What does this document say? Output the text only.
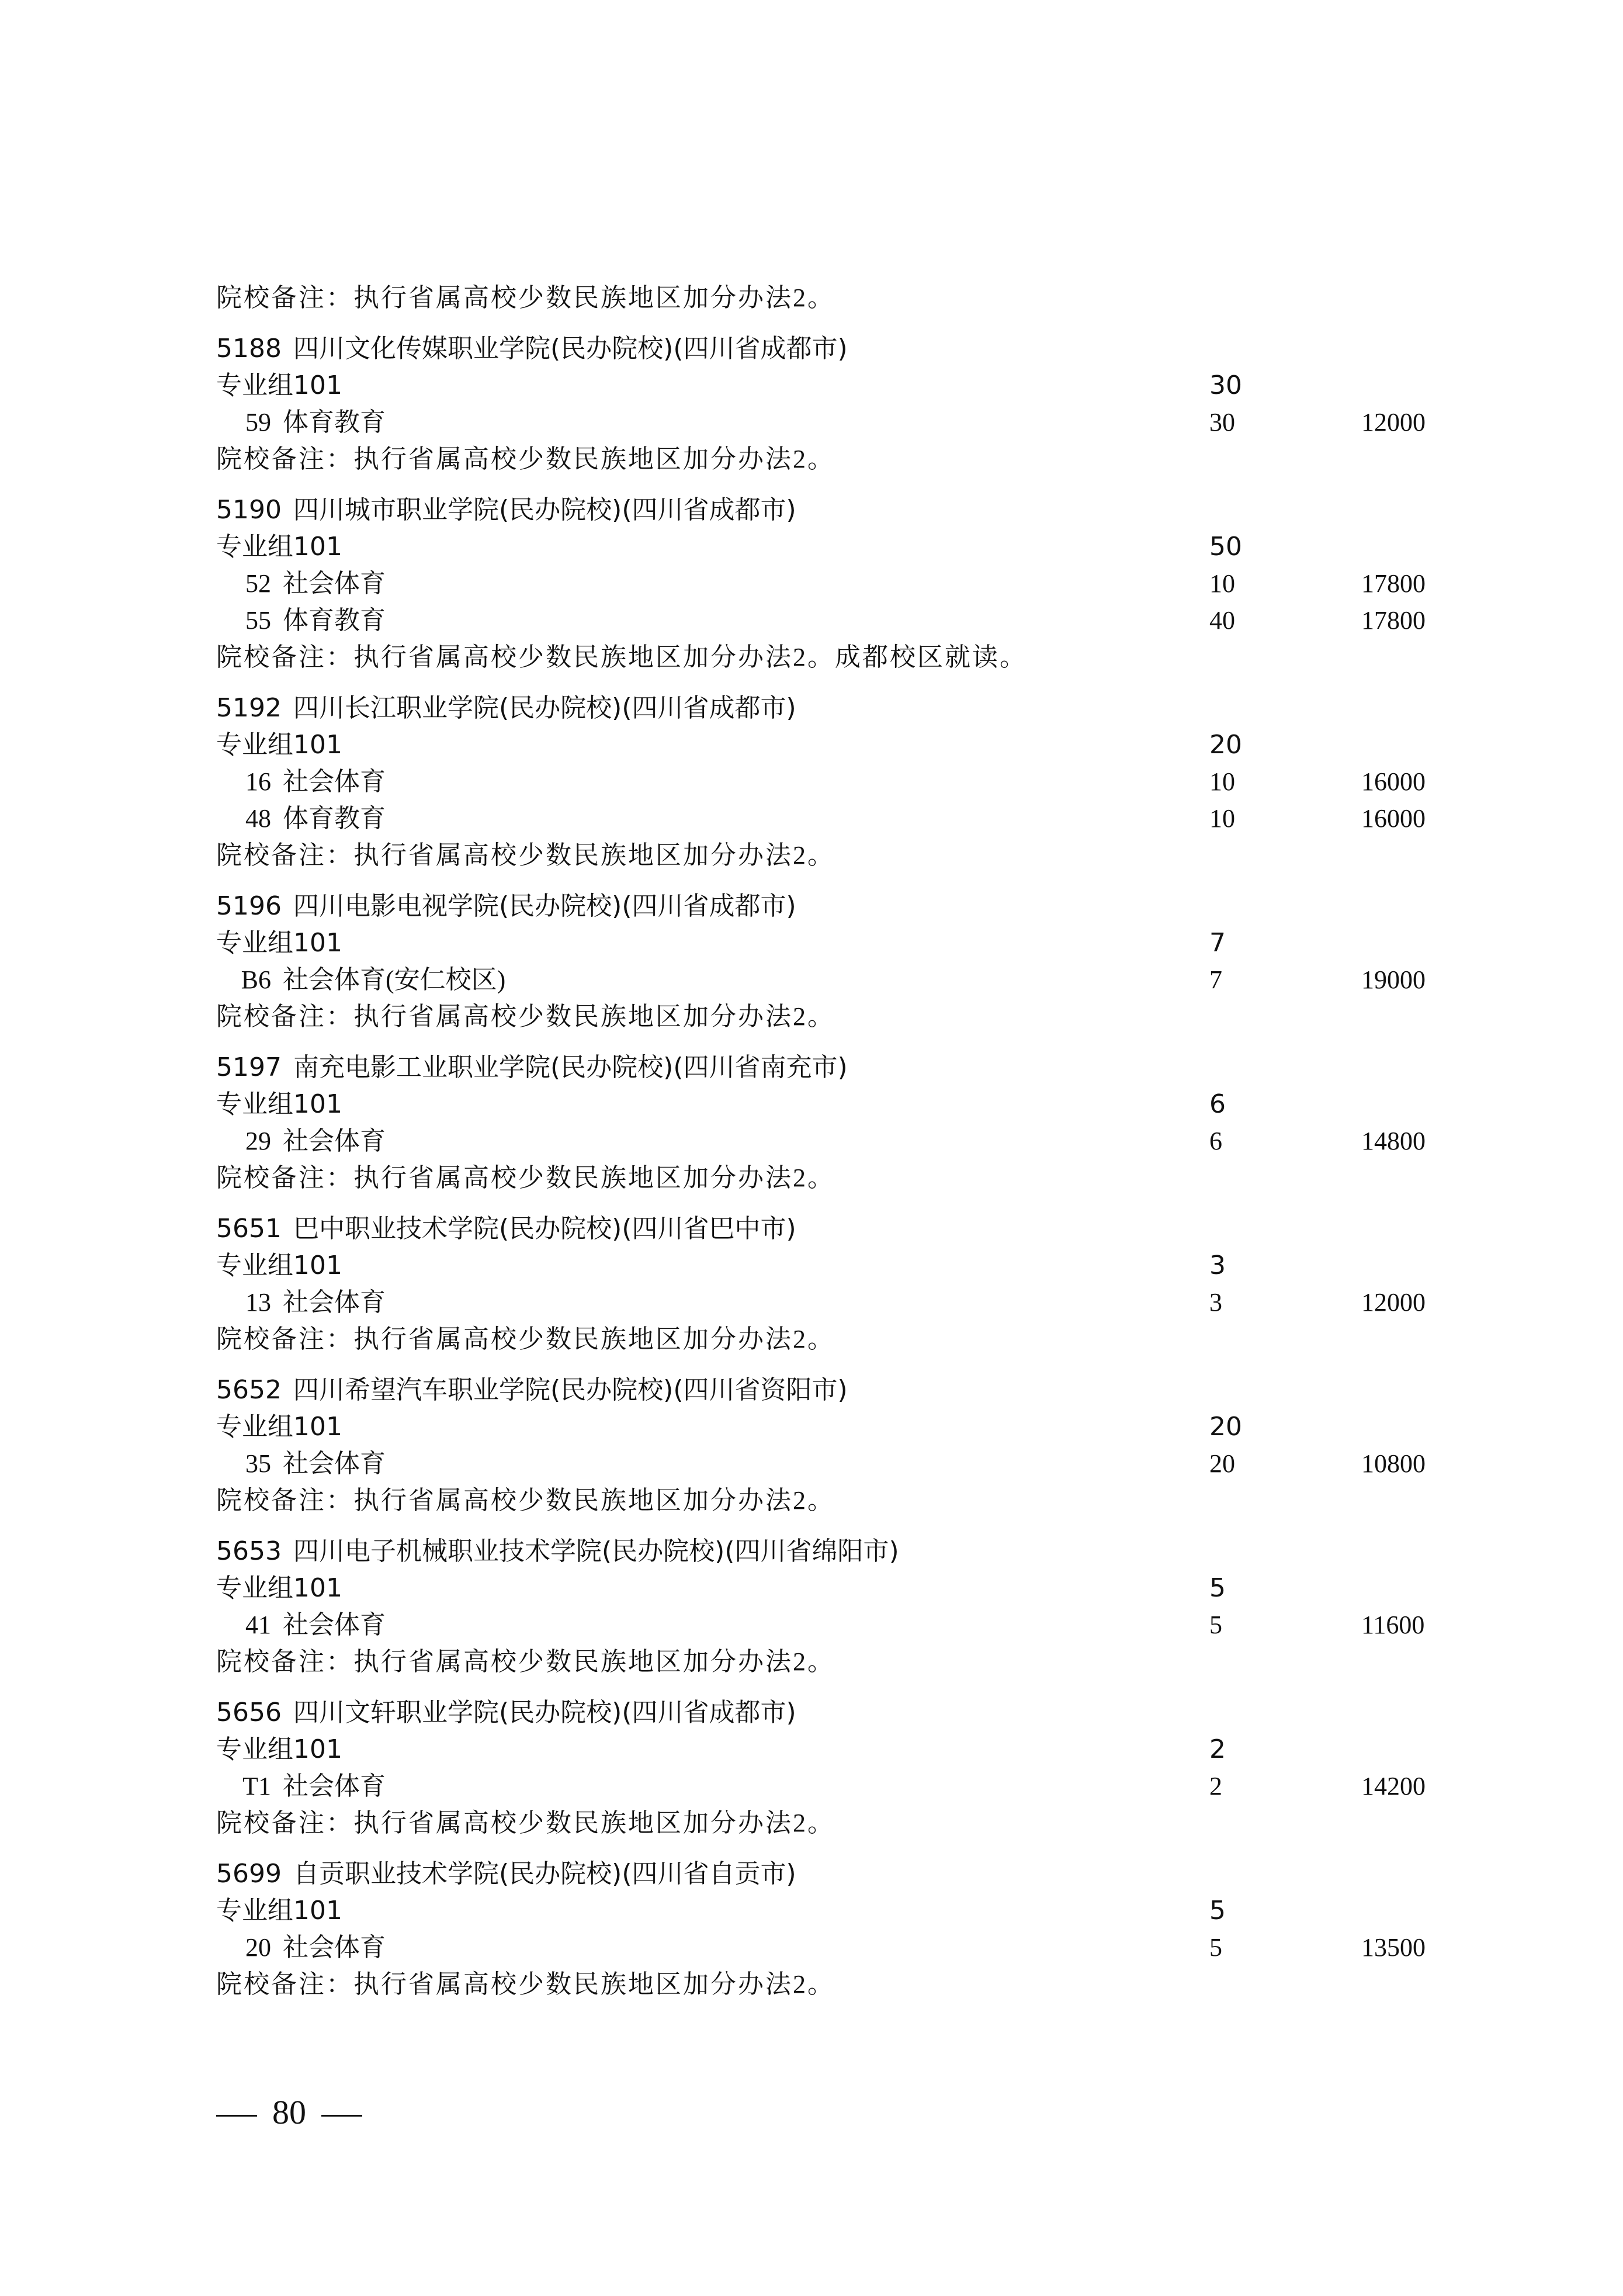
院校备注：执行省属高校少数民族地区加分办法2。
5188 四川文化传媒职业学院(民办院校)(四川省成都市)
专业组101	30
59 体育教育	30	12000
院校备注：执行省属高校少数民族地区加分办法2。
5190 四川城市职业学院(民办院校)(四川省成都市)
专业组101	50
52 社会体育	10	17800
55 体育教育	40	17800
院校备注：执行省属高校少数民族地区加分办法2。成都校区就读。
5192 四川长江职业学院(民办院校)(四川省成都市)
专业组101	20
16 社会体育	10	16000
48 体育教育	10	16000
院校备注：执行省属高校少数民族地区加分办法2。
5196 四川电影电视学院(民办院校)(四川省成都市)
专业组101	7
B6 社会体育(安仁校区)	7	19000
院校备注：执行省属高校少数民族地区加分办法2。
5197 南充电影工业职业学院(民办院校)(四川省南充市)
专业组101	6
29 社会体育	6	14800
院校备注：执行省属高校少数民族地区加分办法2。
5651 巴中职业技术学院(民办院校)(四川省巴中市)
专业组101	3
13 社会体育	3	12000
院校备注：执行省属高校少数民族地区加分办法2。
5652 四川希望汽车职业学院(民办院校)(四川省资阳市)
专业组101	20
35 社会体育	20	10800
院校备注：执行省属高校少数民族地区加分办法2。
5653 四川电子机械职业技术学院(民办院校)(四川省绵阳市)
专业组101	5
41 社会体育	5	11600
院校备注：执行省属高校少数民族地区加分办法2。
5656 四川文轩职业学院(民办院校)(四川省成都市)
专业组101	2
T1 社会体育	2	14200
院校备注：执行省属高校少数民族地区加分办法2。
5699 自贡职业技术学院(民办院校)(四川省自贡市)
专业组101	5
20 社会体育	5	13500
院校备注：执行省属高校少数民族地区加分办法2。
80
